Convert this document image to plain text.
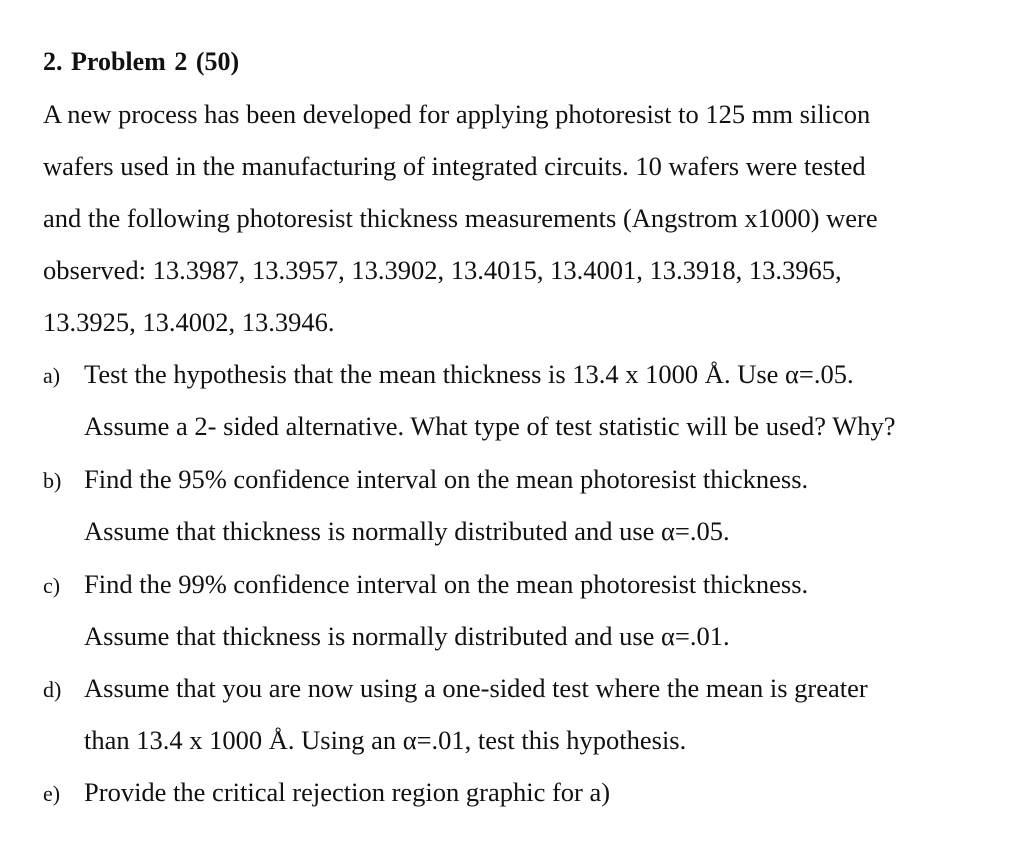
2. Problem 2 (50)
A new process has been developed for applying photoresist to 125 mm silicon
wafers used in the manufacturing of integrated circuits. 10 wafers were tested
and the following photoresist thickness measurements (Angstrom x1000) were
observed: 13.3987, 13.3957, 13.3902, 13.4015, 13.4001, 13.3918, 13.3965,
13.3925, 13.4002, 13.3946.
a) Test the hypothesis that the mean thickness is 13.4 x 1000 Å. Use α=.05.
Assume a 2- sided alternative. What type of test statistic will be used? Why?
b) Find the 95% confidence interval on the mean photoresist thickness.
Assume that thickness is normally distributed and use α=.05.
c) Find the 99% confidence interval on the mean photoresist thickness.
Assume that thickness is normally distributed and use α=.01.
d) Assume that you are now using a one-sided test where the mean is greater
than 13.4 x 1000 Å. Using an α=.01, test this hypothesis.
e) Provide the critical rejection region graphic for a)
